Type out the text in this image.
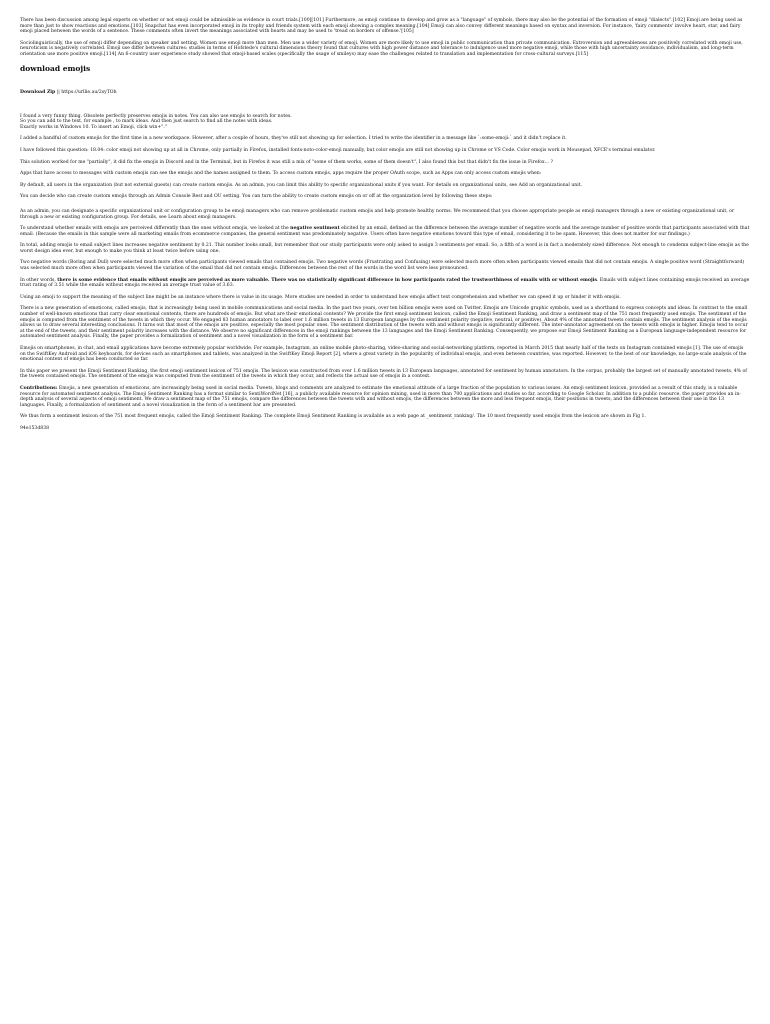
There has been discussion among legal experts on whether or not emoji could be admissible as evidence in court trials.[100][101] Furthermore, as emoji continue to develop and grow as a "language" of symbols, there may also be the potential of the formation of emoji "dialects".[102] Emoji are being used as more than just to show reactions and emotions.[103] Snapchat has even incorporated emoji in its trophy and friends system with each emoji showing a complex meaning.[104] Emoji can also convey different meanings based on syntax and inversion. For instance, 'fairy comments' involve heart, star, and fairy emoji placed between the words of a sentence. These comments often invert the meanings associated with hearts and may be used to 'tread on borders of offense.'[105]

Sociolinguistically, the use of emoji differ depending on speaker and setting. Women use emoji more than men. Men use a wider variety of emoji. Women are more likely to use emoji in public communication than private communication. Extroversion and agreeableness are positively correlated with emoji use, neuroticism is negatively correlated. Emoji use differ between cultures: studies in terms of Hofstede's cultural dimensions theory found that cultures with high power distance and tolerance to indulgence used more negative emoji, while those with high uncertainty avoidance, individualism, and long-term orientation use more positive emoji.[114] An 6-country user experience study showed that emoji-based scales (specifically the usage of smileys) may ease the challenges related to translation and implementation for cross-cultural surveys.[115]

download emojis
Download Zip || https://urllie.au/2syTOh

I found a very funny thing. Obsolete perfectly preserves emojis in notes. You can also use emojis to search for notes.

So you can add to the text, for example , to mark ideas. And then just search to find all the notes with ideas.

Exactly works in Windows 10. To insert an Emoji, click win+"."

I added a handful of custom emojis for the first time in a new workspace. However, after a couple of hours, they've still not showing up for selection. I tried to write the identifier in a message like `:some-emoji:` and it didn't replace it.

I have followed this question: 18.04: color emoji not showing up at all in Chrome, only partially in Firefox, installed fonts-noto-color-emoji manually, but color emojis are still not showing up in Chrome or VS Code. Color emojis work in Mousepad, XFCE's terminal emulator.

This solution worked for me "partially", it did fix the emojis in Discord and in the Terminal, but in Firefox it was still a mix of "some of them works, some of them doesn't", I also found this but that didn't fix the issue in Firefox... ?

Apps that have access to messages with custom emojis can see the emojis and the names assigned to them. To access custom emojis, apps require the proper OAuth scope, such as Apps can only access custom emojis when:

By default, all users in the organization (but not external guests) can create custom emojis. As an admin, you can limit this ability to specific organizational units if you want. For details on organizational units, see Add an organizational unit.

You can decide who can create custom emojis through an Admin Console Rest and OU setting. You can turn the ability to create custom emojis on or off at the organization level by following these steps:

As an admin, you can designate a specific organizational unit or configuration group to be emoji managers who can remove problematic custom emojis and help promote healthy norms. We recommend that you choose appropriate people as emoji managers through a new or existing organizational unit, or through a new or existing configuration group. For details, see Learn about emoji managers.

To understand whether emails with emojis are perceived differently than the ones without emojis, we looked at the negative sentiment elicited by an email, defined as the difference between the average number of negative words and the average number of positive words that participants associated with that email. (Because the emails in this sample were all marketing emails from ecommerce companies, the general sentiment was predominately negative. Users often have negative emotions toward this type of email, considering it to be spam. However, this does not matter for our findings.)

In total, adding emojis to email subject lines increases negative sentiment by 0.21. This number looks small, but remember that our study participants were only asked to assign 3 sentiments per email. So, a fifth of a word is in fact a moderately sized difference. Not enough to condemn subject-line emojis as the worst design idea ever, but enough to make you think at least twice before using one.

Two negative words (Boring and Dull) were selected much more often when participants viewed emails that contained emojis. Two negative words (Frustrating and Confusing) were selected much more often when participants viewed emails that did not contain emojis. A single positive word (Straightforward) was selected much more often when participants viewed the variation of the email that did not contain emojis. Differences between the rest of the words in the word list were less pronounced.

In other words, there is some evidence that emails without emojis are perceived as more valuable. There was no statistically significant difference in how participants rated the trustworthiness of emails with or without emojis. Emails with subject lines containing emojis received an average trust rating of 3.51 while the emails without emojis received an average trust value of 3.63.

Using an emoji to support the meaning of the subject line might be an instance where there is value in its usage. More studies are needed in order to understand how emojis affect text comprehension and whether we can speed it up or hinder it with emojis.

There is a new generation of emoticons, called emojis, that is increasingly being used in mobile communications and social media. In the past two years, over ten billion emojis were used on Twitter. Emojis are Unicode graphic symbols, used as a shorthand to express concepts and ideas. In contrast to the small number of well-known emoticons that carry clear emotional contents, there are hundreds of emojis. But what are their emotional contents? We provide the first emoji sentiment lexicon, called the Emoji Sentiment Ranking, and draw a sentiment map of the 751 most frequently used emojis. The sentiment of the emojis is computed from the sentiment of the tweets in which they occur. We engaged 83 human annotators to label over 1.6 million tweets in 13 European languages by the sentiment polarity (negative, neutral, or positive). About 4% of the annotated tweets contain emojis. The sentiment analysis of the emojis allows us to draw several interesting conclusions. It turns out that most of the emojis are positive, especially the most popular ones. The sentiment distribution of the tweets with and without emojis is significantly different. The inter-annotator agreement on the tweets with emojis is higher. Emojis tend to occur at the end of the tweets, and their sentiment polarity increases with the distance. We observe no significant differences in the emoji rankings between the 13 languages and the Emoji Sentiment Ranking. Consequently, we propose our Emoji Sentiment Ranking as a European language-independent resource for automated sentiment analysis. Finally, the paper provides a formalization of sentiment and a novel visualization in the form of a sentiment bar.

Emojis on smartphones, in chat, and email applications have become extremely popular worldwide. For example, Instagram, an online mobile photo-sharing, video-sharing and social-networking platform, reported in March 2015 that nearly half of the texts on Instagram contained emojis [1]. The use of emojis on the SwiftKey Android and iOS keyboards, for devices such as smartphones and tablets, was analyzed in the SwiftKey Emoji Report [2], where a great variety in the popularity of individual emojis, and even between countries, was reported. However, to the best of our knowledge, no large-scale analysis of the emotional content of emojis has been conducted so far.

In this paper we present the Emoji Sentiment Ranking, the first emoji sentiment lexicon of 751 emojis. The lexicon was constructed from over 1.6 million tweets in 13 European languages, annotated for sentiment by human annotators. In the corpus, probably the largest set of manually annotated tweets, 4% of the tweets contained emojis. The sentiment of the emojis was computed from the sentiment of the tweets in which they occur, and reflects the actual use of emojis in a context.

Contributions: Emojis, a new generation of emoticons, are increasingly being used in social media. Tweets, blogs and comments are analyzed to estimate the emotional attitude of a large fraction of the population to various issues. An emoji sentiment lexicon, provided as a result of this study, is a valuable resource for automated sentiment analysis. The Emoji Sentiment Ranking has a format similar to SentiWordNet [16], a publicly available resource for opinion mining, used in more than 700 applications and studies so far, according to Google Scholar. In addition to a public resource, the paper provides an in-depth analysis of several aspects of emoji sentiment. We draw a sentiment map of the 751 emojis, compare the differences between the tweets with and without emojis, the differences between the more and less frequent emojis, their positions in tweets, and the differences between their use in the 13 languages. Finally, a formalization of sentiment and a novel visualization in the form of a sentiment bar are presented.

We thus form a sentiment lexicon of the 751 most frequent emojis, called the Emoji Sentiment Ranking. The complete Emoji Sentiment Ranking is available as a web page at _sentiment_ranking/. The 10 most frequently used emojis from the lexicon are shown in Fig 1.

94e153d838
